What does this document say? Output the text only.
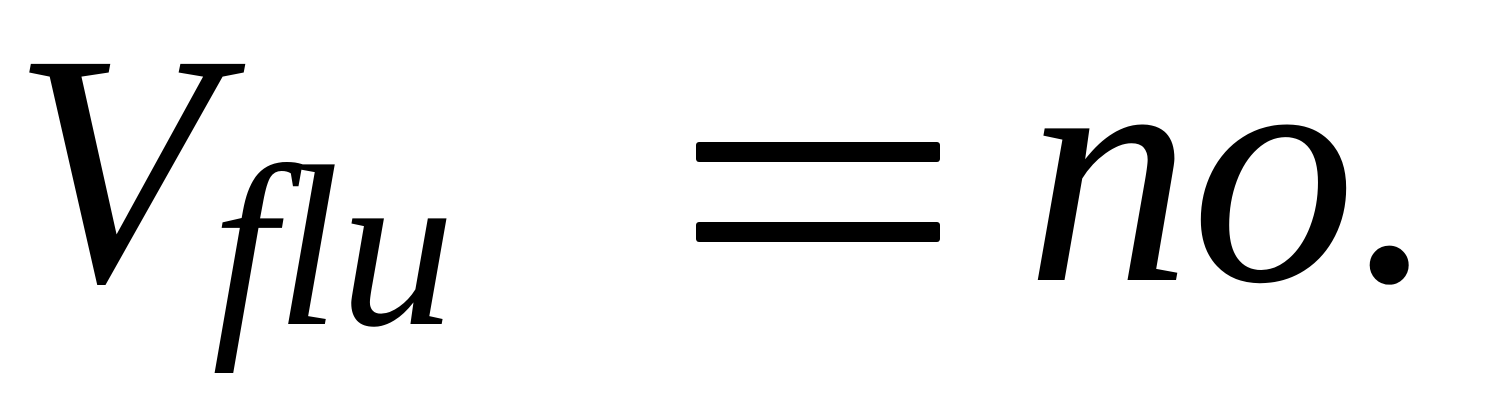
V
flu no.
